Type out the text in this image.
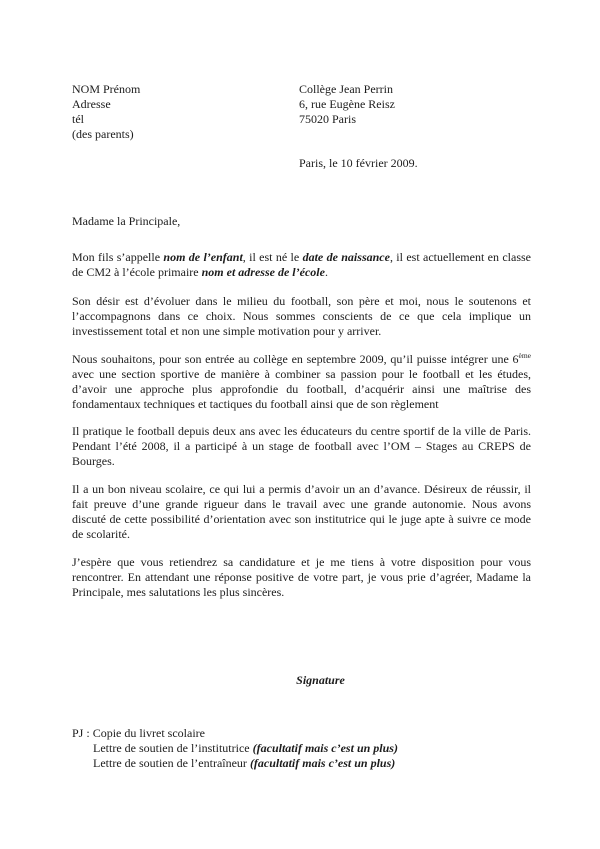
NOM Prénom
Adresse
tél
(des parents)
Collège Jean Perrin
6, rue Eugène Reisz
75020 Paris
Paris, le 10 février 2009.
Madame la Principale,

Mon fils s’appelle nom de l’enfant, il est né le date de naissance, il est actuellement en classe de CM2 à l’école primaire nom et adresse de l’école.

Son désir est d’évoluer dans le milieu du football, son père et moi, nous le soutenons et l’accompagnons dans ce choix. Nous sommes conscients de ce que cela implique un investissement total et non une simple motivation pour y arriver.

Nous souhaitons, pour son entrée au collège en septembre 2009, qu’il puisse intégrer une 6ème avec une section sportive de manière à combiner sa passion pour le football et les études, d’avoir une approche plus approfondie du football, d’acquérir ainsi une maîtrise des fondamentaux techniques et tactiques du football ainsi que de son règlement

Il pratique le football depuis deux ans avec les éducateurs du centre sportif de la ville de Paris. Pendant l’été 2008, il a participé à un stage de football avec l’OM – Stages au CREPS de Bourges.

Il a un bon niveau scolaire, ce qui lui a permis d’avoir un an d’avance. Désireux de réussir, il fait preuve d’une grande rigueur dans le travail avec une grande autonomie. Nous avons discuté de cette possibilité d’orientation avec son institutrice qui le juge apte à suivre ce mode de scolarité.

J’espère que vous retiendrez sa candidature et je me tiens à votre disposition pour vous rencontrer. En attendant une réponse positive de votre part, je vous prie d’agréer, Madame la Principale, mes salutations les plus sincères.

Signature
PJ : Copie du livret scolaire
Lettre de soutien de l’institutrice (facultatif mais c’est un plus)
Lettre de soutien de l’entraîneur (facultatif mais c’est un plus)
